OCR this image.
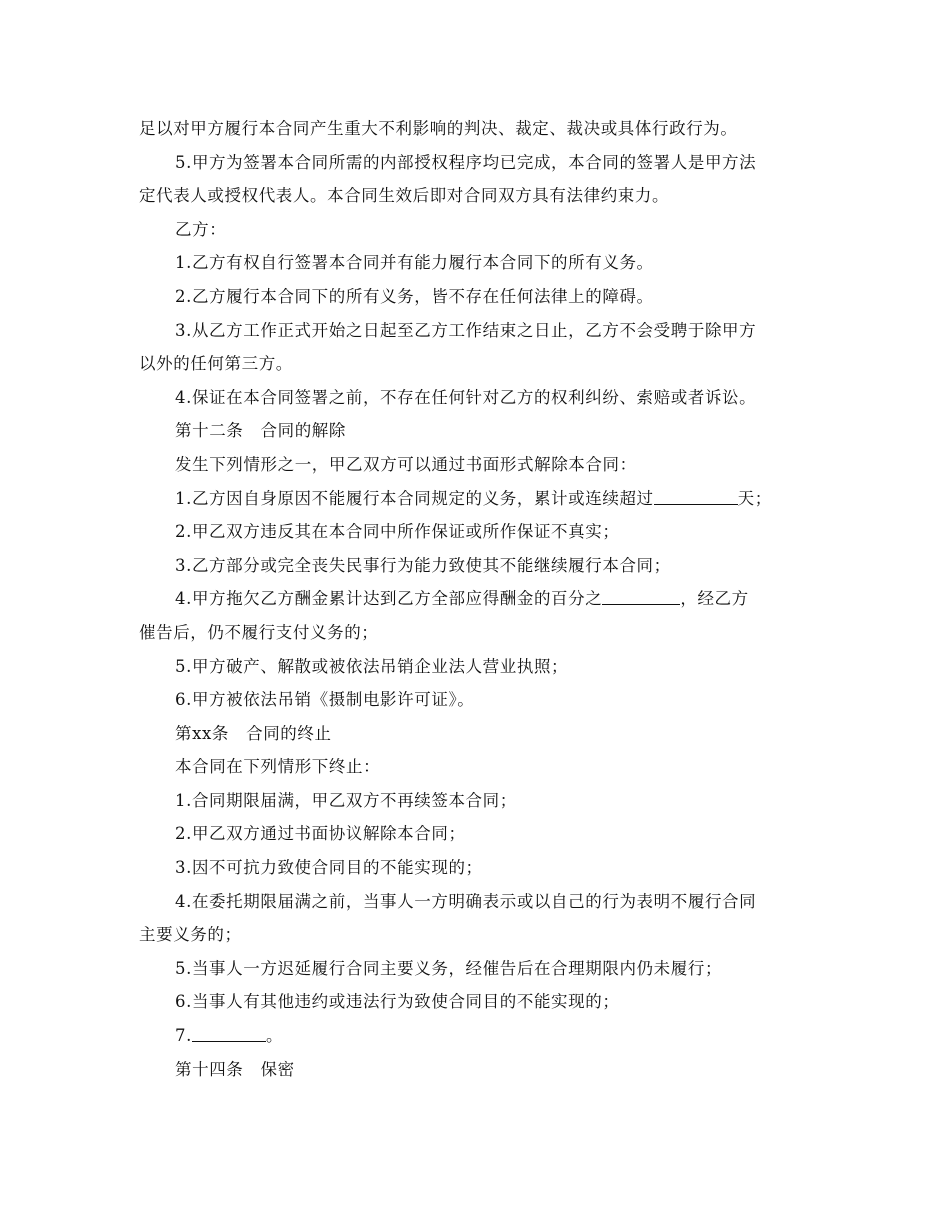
足以对甲方履行本合同产生重大不利影响的判决、裁定、裁决或具体行政行为。
5.甲方为签署本合同所需的内部授权程序均已完成，本合同的签署人是甲方法
定代表人或授权代表人。本合同生效后即对合同双方具有法律约束力。
乙方：
1.乙方有权自行签署本合同并有能力履行本合同下的所有义务。
2.乙方履行本合同下的所有义务，皆不存在任何法律上的障碍。
3.从乙方工作正式开始之日起至乙方工作结束之日止，乙方不会受聘于除甲方
以外的任何第三方。
4.保证在本合同签署之前，不存在任何针对乙方的权利纠纷、索赔或者诉讼。
第十二条　合同的解除
发生下列情形之一，甲乙双方可以通过书面形式解除本合同：
1.乙方因自身原因不能履行本合同规定的义务，累计或连续超过	天；
2.甲乙双方违反其在本合同中所作保证或所作保证不真实；
3.乙方部分或完全丧失民事行为能力致使其不能继续履行本合同；
4.甲方拖欠乙方酬金累计达到乙方全部应得酬金的百分之	，经乙方
催告后，仍不履行支付义务的；
5.甲方破产、解散或被依法吊销企业法人营业执照；
6.甲方被依法吊销《摄制电影许可证》。
第xx条　合同的终止
本合同在下列情形下终止：
1.合同期限届满，甲乙双方不再续签本合同；
2.甲乙双方通过书面协议解除本合同；
3.因不可抗力致使合同目的不能实现的；
4.在委托期限届满之前，当事人一方明确表示或以自己的行为表明不履行合同
主要义务的；
5.当事人一方迟延履行合同主要义务，经催告后在合理期限内仍未履行；
6.当事人有其他违约或违法行为致使合同目的不能实现的；
7.	。
第十四条　保密
